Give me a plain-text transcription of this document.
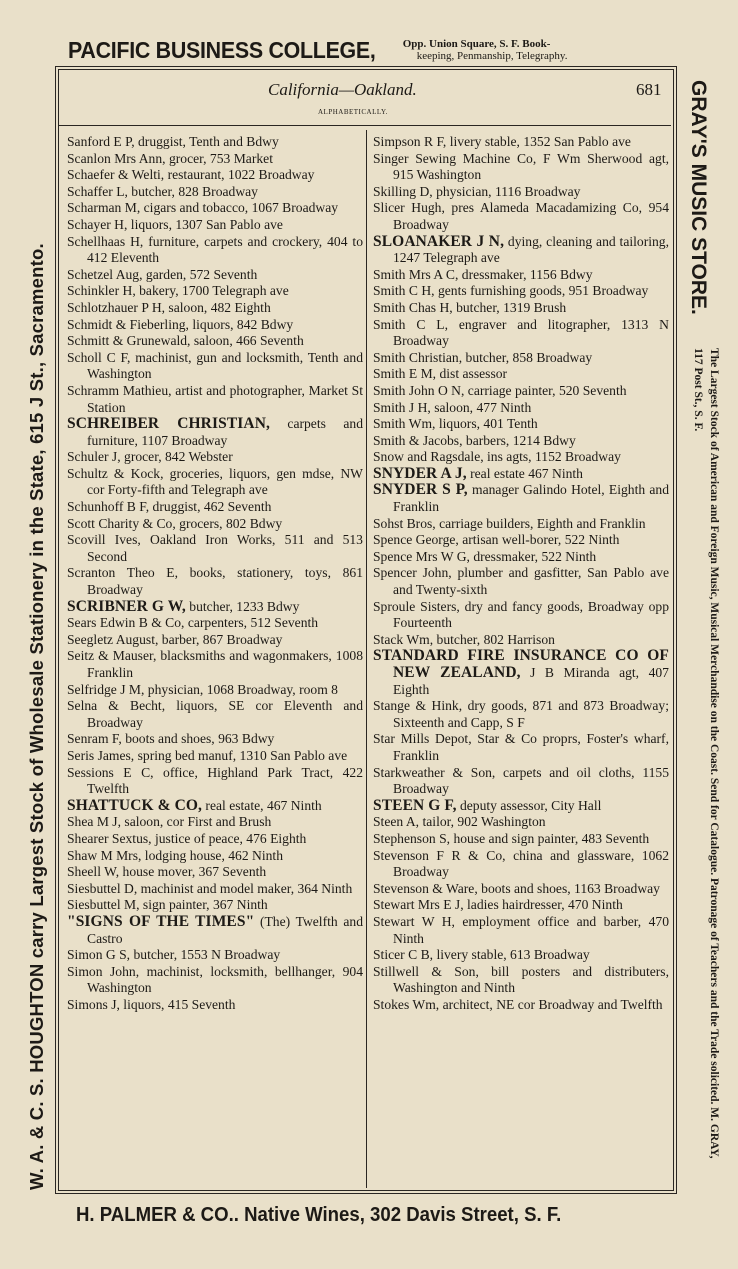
PACIFIC BUSINESS COLLEGE, Opp. Union Square, S. F. Book-
keeping, Penmanship, Telegraphy.
W. A. & C. S. HOUGHTON carry Largest Stock of Wholesale Stationery in the State, 615 J St., Sacramento.
GRAY'S MUSIC STORE.
The Largest Stock of American and Foreign Music, Musical Merchandise on the Coast. Send for Catalogue. Patronage of Teachers and the Trade solicited. M. GRAY, 117 Post St., S. F.
California—Oakland.	681
ALPHABETICALLY.
Sanford E P, druggist, Tenth and Bdwy
Scanlon Mrs Ann, grocer, 753 Market
Schaefer & Welti, restaurant, 1022 Broadway
Schaffer L, butcher, 828 Broadway
Scharman M, cigars and tobacco, 1067 Broadway
Schayer H, liquors, 1307 San Pablo ave
Schellhaas H, furniture, carpets and crockery, 404 to 412 Eleventh
Schetzel Aug, garden, 572 Seventh
Schinkler H, bakery, 1700 Telegraph ave
Schlotzhauer P H, saloon, 482 Eighth
Schmidt & Fieberling, liquors, 842 Bdwy
Schmitt & Grunewald, saloon, 466 Seventh
Scholl C F, machinist, gun and locksmith, Tenth and Washington
Schramm Mathieu, artist and photographer, Market St Station
SCHREIBER CHRISTIAN, carpets and furniture, 1107 Broadway
Schuler J, grocer, 842 Webster
Schultz & Kock, groceries, liquors, gen mdse, NW cor Forty-fifth and Telegraph ave
Schunhoff B F, druggist, 462 Seventh
Scott Charity & Co, grocers, 802 Bdwy
Scovill Ives, Oakland Iron Works, 511 and 513 Second
Scranton Theo E, books, stationery, toys, 861 Broadway
SCRIBNER G W, butcher, 1233 Bdwy
Sears Edwin B & Co, carpenters, 512 Seventh
Seegletz August, barber, 867 Broadway
Seitz & Mauser, blacksmiths and wagonmakers, 1008 Franklin
Selfridge J M, physician, 1068 Broadway, room 8
Selna & Becht, liquors, SE cor Eleventh and Broadway
Senram F, boots and shoes, 963 Bdwy
Seris James, spring bed manuf, 1310 San Pablo ave
Sessions E C, office, Highland Park Tract, 422 Twelfth
SHATTUCK & CO, real estate, 467 Ninth
Shea M J, saloon, cor First and Brush
Shearer Sextus, justice of peace, 476 Eighth
Shaw M Mrs, lodging house, 462 Ninth
Sheell W, house mover, 367 Seventh
Siesbuttel D, machinist and model maker, 364 Ninth
Siesbuttel M, sign painter, 367 Ninth
"SIGNS OF THE TIMES" (The) Twelfth and Castro
Simon G S, butcher, 1553 N Broadway
Simon John, machinist, locksmith, bellhanger, 904 Washington
Simons J, liquors, 415 Seventh
Simpson R F, livery stable, 1352 San Pablo ave
Singer Sewing Machine Co, F Wm Sherwood agt, 915 Washington
Skilling D, physician, 1116 Broadway
Slicer Hugh, pres Alameda Macadamizing Co, 954 Broadway
SLOANAKER J N, dying, cleaning and tailoring, 1247 Telegraph ave
Smith Mrs A C, dressmaker, 1156 Bdwy
Smith C H, gents furnishing goods, 951 Broadway
Smith Chas H, butcher, 1319 Brush
Smith C L, engraver and litographer, 1313 N Broadway
Smith Christian, butcher, 858 Broadway
Smith E M, dist assessor
Smith John O N, carriage painter, 520 Seventh
Smith J H, saloon, 477 Ninth
Smith Wm, liquors, 401 Tenth
Smith & Jacobs, barbers, 1214 Bdwy
Snow and Ragsdale, ins agts, 1152 Broadway
SNYDER A J, real estate 467 Ninth
SNYDER S P, manager Galindo Hotel, Eighth and Franklin
Sohst Bros, carriage builders, Eighth and Franklin
Spence George, artisan well-borer, 522 Ninth
Spence Mrs W G, dressmaker, 522 Ninth
Spencer John, plumber and gasfitter, San Pablo ave and Twenty-sixth
Sproule Sisters, dry and fancy goods, Broadway opp Fourteenth
Stack Wm, butcher, 802 Harrison
STANDARD FIRE INSURANCE CO OF NEW ZEALAND, J B Miranda agt, 407 Eighth
Stange & Hink, dry goods, 871 and 873 Broadway; Sixteenth and Capp, S F
Star Mills Depot, Star & Co proprs, Foster's wharf, Franklin
Starkweather & Son, carpets and oil cloths, 1155 Broadway
STEEN G F, deputy assessor, City Hall
Steen A, tailor, 902 Washington
Stephenson S, house and sign painter, 483 Seventh
Stevenson F R & Co, china and glassware, 1062 Broadway
Stevenson & Ware, boots and shoes, 1163 Broadway
Stewart Mrs E J, ladies hairdresser, 470 Ninth
Stewart W H, employment office and barber, 470 Ninth
Sticer C B, livery stable, 613 Broadway
Stillwell & Son, bill posters and distributers, Washington and Ninth
Stokes Wm, architect, NE cor Broadway and Twelfth
H. PALMER & CO.. Native Wines, 302 Davis Street, S. F.
